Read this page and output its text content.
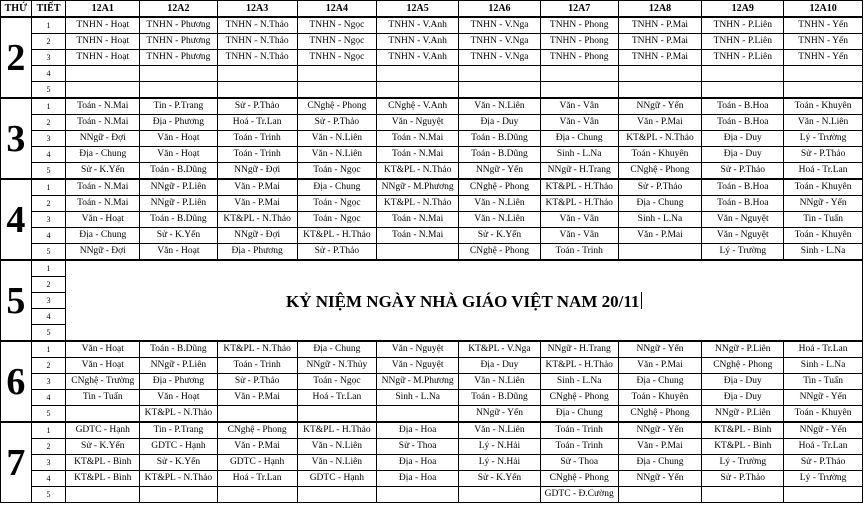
THỨ	TIẾT	12A1	12A2	12A3	12A4	12A5	12A6	12A7	12A8	12A9	12A10
2	1	TNHN - Hoạt	TNHN - Phương	TNHN - N.Thảo	TNHN - Ngọc	TNHN - V.Anh	TNHN - V.Nga	TNHN - Phong	TNHN - P.Mai	TNHN - P.Liên	TNHN - Yến
	2	TNHN - Hoạt	TNHN - Phương	TNHN - N.Thảo	TNHN - Ngọc	TNHN - V.Anh	TNHN - V.Nga	TNHN - Phong	TNHN - P.Mai	TNHN - P.Liên	TNHN - Yến
	3	TNHN - Hoạt	TNHN - Phương	TNHN - N.Thảo	TNHN - Ngọc	TNHN - V.Anh	TNHN - V.Nga	TNHN - Phong	TNHN - P.Mai	TNHN - P.Liên	TNHN - Yến
	4										
	5										
3	1	Toán - N.Mai	Tin - P.Trang	Sử - P.Thảo	CNghệ - Phong	CNghệ - V.Anh	Văn - N.Liên	Văn - Vân	NNgữ - Yến	Toán - B.Hoa	Toán - Khuyên
	2	Toán - N.Mai	Địa - Phương	Hoá - Tr.Lan	Sử - P.Thảo	Văn - Nguyệt	Địa - Duy	Văn - Vân	Văn - P.Mai	Toán - B.Hoa	Văn - N.Liên
	3	NNgữ - Đợi	Văn - Hoạt	Toán - Trinh	Văn - N.Liên	Toán - N.Mai	Toán - B.Dũng	Địa - Chung	KT&PL - N.Thảo	Địa - Duy	Lý - Trường
	4	Địa - Chung	Văn - Hoạt	Toán - Trinh	Văn - N.Liên	Toán - N.Mai	Toán - B.Dũng	Sinh - L.Na	Toán - Khuyên	Địa - Duy	Sử - P.Thảo
	5	Sử - K.Yến	Toán - B.Dũng	NNgữ - Đợi	Toán - Ngọc	KT&PL - N.Thảo	NNgữ - Yến	NNgữ - H.Trang	CNghệ - Phong	Sử - P.Thảo	Hoá - Tr.Lan
4	1	Toán - N.Mai	NNgữ - P.Liên	Văn - P.Mai	Địa - Chung	NNgữ - M.Phương	CNghệ - Phong	KT&PL - H.Thảo	Sử - P.Thảo	Toán - B.Hoa	Toán - Khuyên
	2	Toán - N.Mai	NNgữ - P.Liên	Văn - P.Mai	Toán - Ngọc	KT&PL - N.Thảo	Văn - N.Liên	KT&PL - H.Thảo	Địa - Chung	Toán - B.Hoa	NNgữ - Yến
	3	Văn - Hoạt	Toán - B.Dũng	KT&PL - N.Thảo	Toán - Ngọc	Toán - N.Mai	Văn - N.Liên	Văn - Vân	Sinh - L.Na	Văn - Nguyệt	Tin - Tuấn
	4	Địa - Chung	Sử - K.Yến	NNgữ - Đợi	KT&PL - H.Thảo	Toán - N.Mai	Sử - K.Yến	Văn - Vân	Văn - P.Mai	Văn - Nguyệt	Toán - Khuyên
	5	NNgữ - Đợi	Văn - Hoạt	Địa - Phương	Sử - P.Thảo		CNghệ - Phong	Toán - Trinh		Lý - Trường	Sinh - L.Na
5	1	KỶ NIỆM NGÀY NHÀ GIÁO VIỆT NAM 20/11									
	2										
	3										
	4										
	5										
6	1	Văn - Hoạt	Toán - B.Dũng	KT&PL - N.Thảo	Địa - Chung	Văn - Nguyệt	KT&PL - V.Nga	NNgữ - H.Trang	NNgữ - Yến	NNgữ - P.Liên	Hoá - Tr.Lan
	2	Văn - Hoạt	NNgữ - P.Liên	Toán - Trinh	NNgữ - N.Thủy	Văn - Nguyệt	Địa - Duy	KT&PL - H.Thảo	Văn - P.Mai	CNghệ - Phong	Sinh - L.Na
	3	CNghệ - Trường	Địa - Phương	Sử - P.Thảo	Toán - Ngọc	NNgữ - M.Phương	Văn - N.Liên	Sinh - L.Na	Địa - Chung	Địa - Duy	Tin - Tuấn
	4	Tin - Tuấn	Văn - Hoạt	Văn - P.Mai	Hoá - Tr.Lan	Sinh - L.Na	Toán - B.Dũng	CNghệ - Phong	Toán - Khuyên	Địa - Duy	NNgữ - Yến
	5		KT&PL - N.Thảo				NNgữ - Yến	Địa - Chung	CNghệ - Phong	NNgữ - P.Liên	Toán - Khuyên
7	1	GDTC - Hạnh	Tin - P.Trang	CNghệ - Phong	KT&PL - H.Thảo	Địa - Hoa	Văn - N.Liên	Toán - Trinh	NNgữ - Yến	KT&PL - Bình	NNgữ - Yến
	2	Sử - K.Yến	GDTC - Hạnh	Văn - P.Mai	Văn - N.Liên	Sử - Thoa	Lý - N.Hải	Toán - Trinh	Văn - P.Mai	KT&PL - Bình	Hoá - Tr.Lan
	3	KT&PL - Bình	Sử - K.Yến	GDTC - Hạnh	Văn - N.Liên	Địa - Hoa	Lý - N.Hải	Sử - Thoa	Địa - Chung	Lý - Trường	Sử - P.Thảo
	4	KT&PL - Bình	KT&PL - N.Thảo	Hoá - Tr.Lan	GDTC - Hạnh	Địa - Hoa	Sử - K.Yến	CNghệ - Phong	NNgữ - Yến	Sử - P.Thảo	Lý - Trường
	5							GDTC - Đ.Cường			
